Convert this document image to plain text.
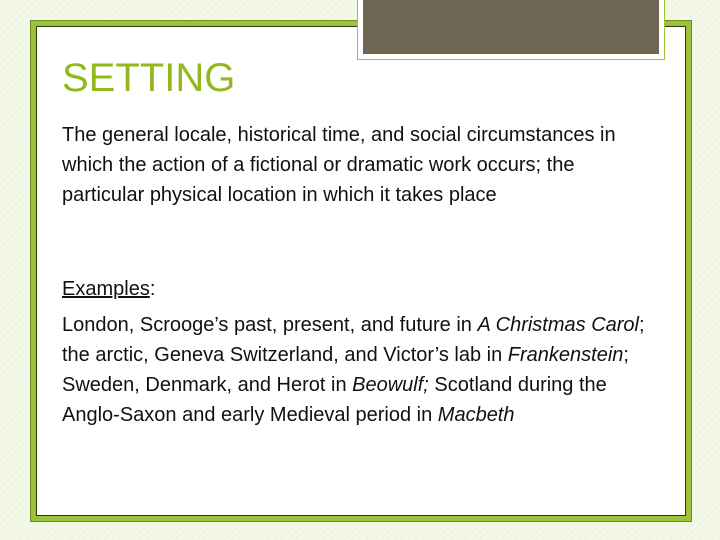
SETTING

The general locale, historical time, and social circumstances in which the action of a fictional or dramatic work occurs; the particular physical location in which it takes place

Examples:

London, Scrooge’s past, present, and future in A Christmas Carol; the arctic, Geneva Switzerland, and Victor’s lab in Frankenstein; Sweden, Denmark, and Herot in Beowulf; Scotland during the Anglo-Saxon and early Medieval period in Macbeth
